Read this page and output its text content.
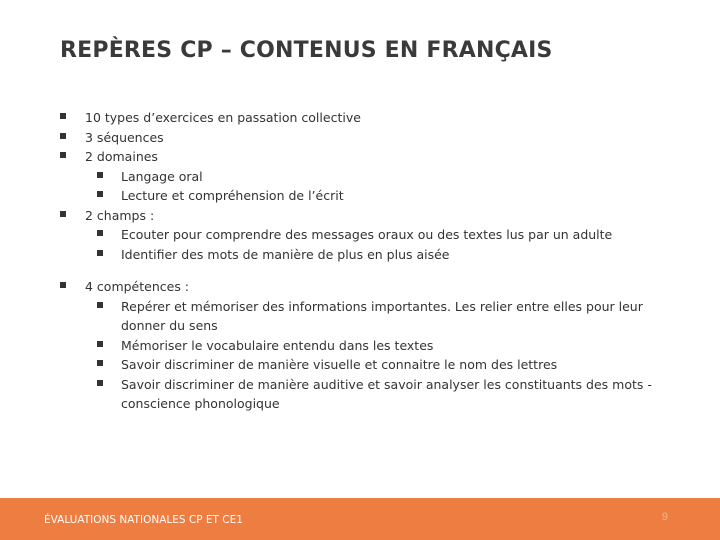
REPÈRES CP – CONTENUS EN FRANÇAIS
10 types d’exercices en passation collective
3 séquences
2 domaines
Langage oral
Lecture et compréhension de l’écrit
2 champs :
Ecouter pour comprendre des messages oraux ou des textes lus par un adulte
Identifier des mots de manière de plus en plus aisée
4 compétences :
Repérer et mémoriser des informations importantes. Les relier entre elles pour leur donner du sens
Mémoriser le vocabulaire entendu dans les textes
Savoir discriminer de manière visuelle et connaitre le nom des lettres
Savoir discriminer de manière auditive et savoir analyser les constituants des mots - conscience phonologique
ÉVALUATIONS NATIONALES CP ET CE1	9
